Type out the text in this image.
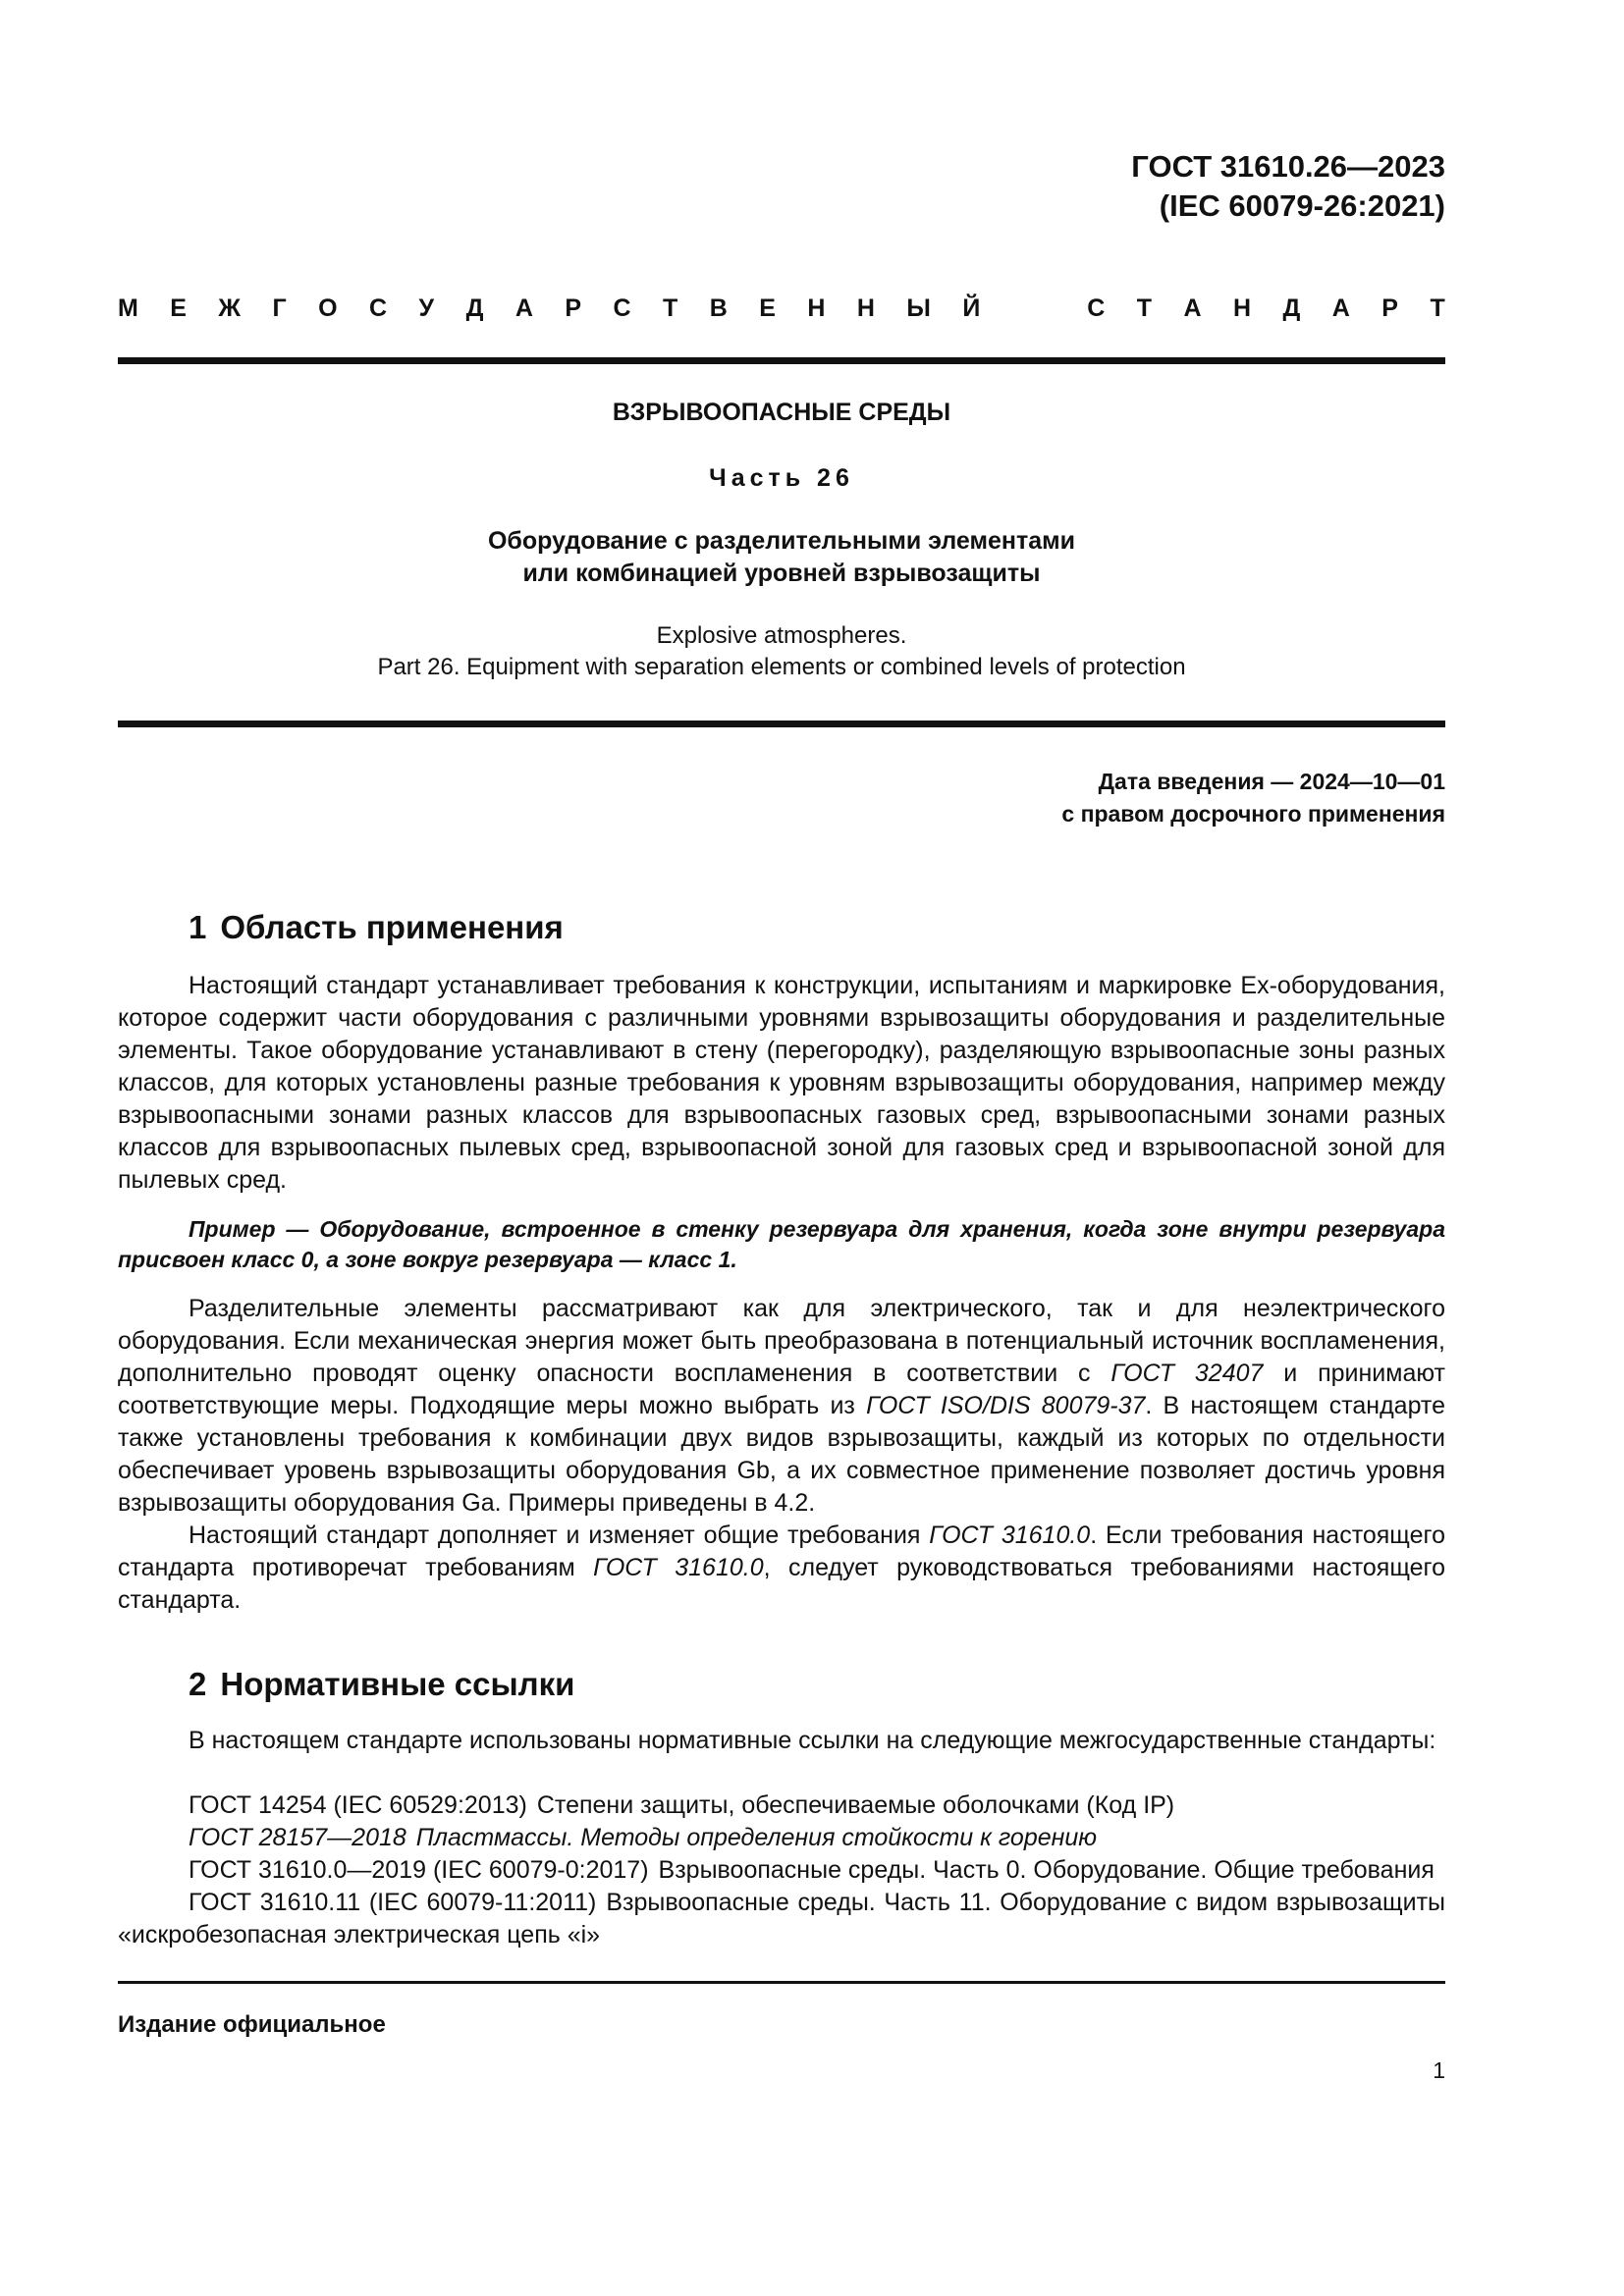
ГОСТ 31610.26—2023
(IEC 60079-26:2021)
М Е Ж Г О С У Д А Р С Т В Е Н Н Ы Й
	С Т А Н Д А Р Т
ВЗРЫВООПАСНЫЕ СРЕДЫ
Часть 26
Оборудование с разделительными элементами
или комбинацией уровней взрывозащиты
Explosive atmospheres.
Part 26. Equipment with separation elements or combined levels of protection
Дата введения — 2024—10—01
с правом досрочного применения
1 Область применения
Настоящий стандарт устанавливает требования к конструкции, испытаниям и маркировке Ex-оборудования, которое содержит части оборудования с различными уровнями взрывозащиты оборудования и разделительные элементы. Такое оборудование устанавливают в стену (перегородку), разделяющую взрывоопасные зоны разных классов, для которых установлены разные требования к уровням взрывозащиты оборудования, например между взрывоопасными зонами разных классов для взрывоопасных газовых сред, взрывоопасными зонами разных классов для взрывоопасных пылевых сред, взрывоопасной зоной для газовых сред и взрывоопасной зоной для пылевых сред.
Пример — Оборудование, встроенное в стенку резервуара для хранения, когда зоне внутри резервуара присвоен класс 0, а зоне вокруг резервуара — класс 1.
Разделительные элементы рассматривают как для электрического, так и для неэлектрического оборудования. Если механическая энергия может быть преобразована в потенциальный источник воспламенения, дополнительно проводят оценку опасности воспламенения в соответствии с ГОСТ 32407 и принимают соответствующие меры. Подходящие меры можно выбрать из ГОСТ ISO/DIS 80079-37. В настоящем стандарте также установлены требования к комбинации двух видов взрывозащиты, каждый из которых по отдельности обеспечивает уровень взрывозащиты оборудования Gb, а их совместное применение позволяет достичь уровня взрывозащиты оборудования Ga. Примеры приведены в 4.2.
Настоящий стандарт дополняет и изменяет общие требования ГОСТ 31610.0. Если требования настоящего стандарта противоречат требованиям ГОСТ 31610.0, следует руководствоваться требованиями настоящего стандарта.
2 Нормативные ссылки
В настоящем стандарте использованы нормативные ссылки на следующие межгосударственные стандарты:
ГОСТ 14254 (IEC 60529:2013) Степени защиты, обеспечиваемые оболочками (Код IP)
ГОСТ 28157—2018 Пластмассы. Методы определения стойкости к горению
ГОСТ 31610.0—2019 (IEC 60079-0:2017) Взрывоопасные среды. Часть 0. Оборудование. Общие требования
ГОСТ 31610.11 (IEC 60079-11:2011) Взрывоопасные среды. Часть 11. Оборудование с видом взрывозащиты «искробезопасная электрическая цепь «i»
Издание официальное
1
